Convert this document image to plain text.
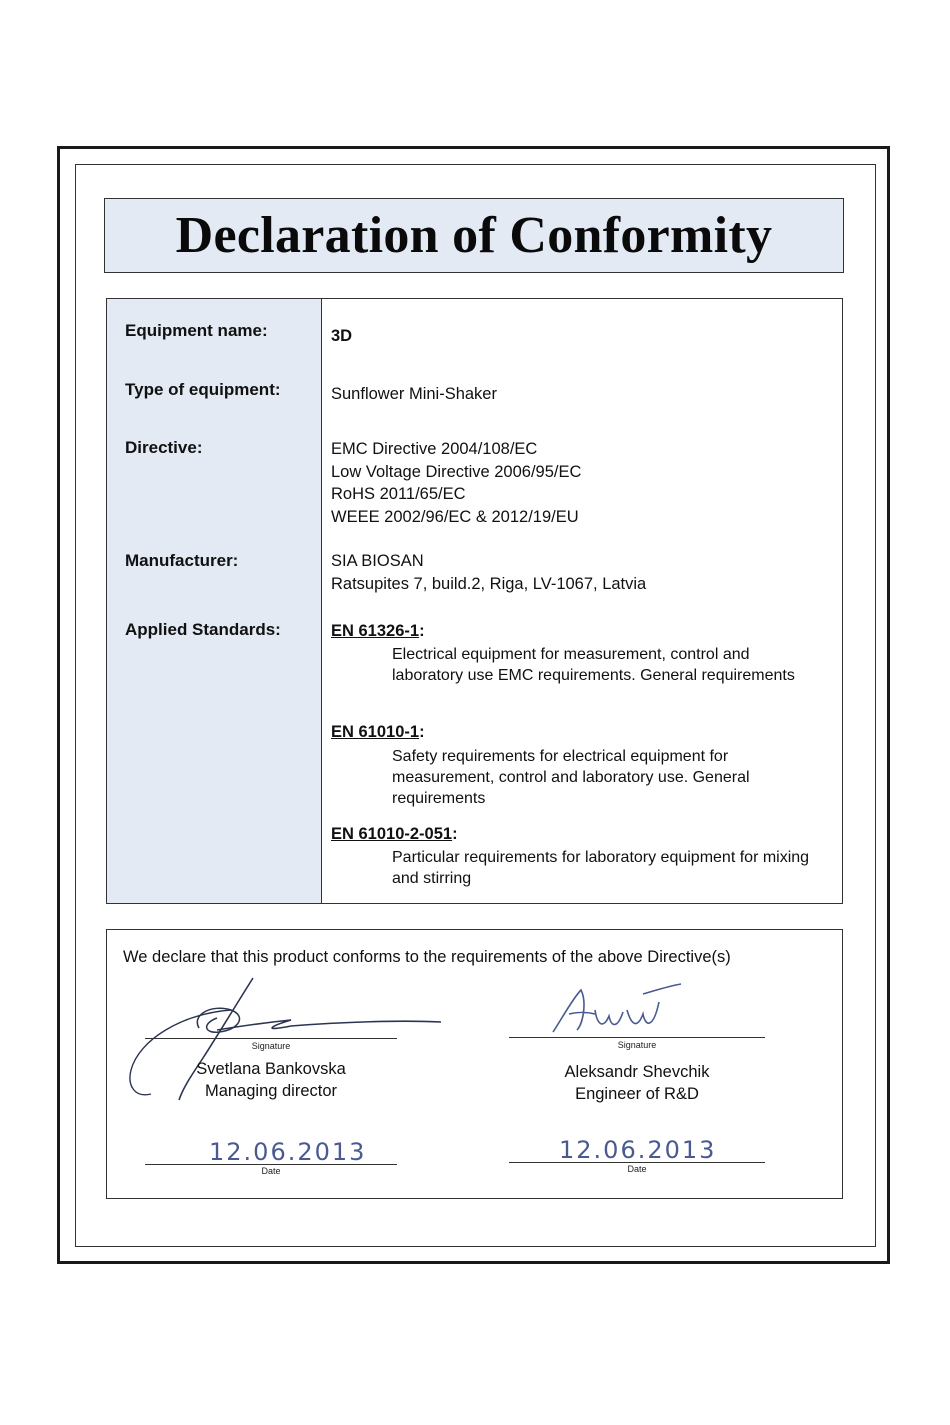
Declaration of Conformity
Equipment name:	3D
Type of equipment:	Sunflower Mini-Shaker
Directive:	EMC Directive 2004/108/EC
Low Voltage Directive 2006/95/EC
RoHS 2011/65/EC
WEEE 2002/96/EC & 2012/19/EU
Manufacturer:	SIA BIOSAN
Ratsupites 7, build.2, Riga, LV-1067, Latvia
Applied Standards:	EN 61326-1:
Electrical equipment for measurement, control and laboratory use EMC requirements. General requirements
EN 61010-1:
Safety requirements for electrical equipment for measurement, control and laboratory use. General requirements
EN 61010-2-051:
Particular requirements for laboratory equipment for mixing and stirring
We declare that this product conforms to the requirements of the above Directive(s)
Signature
Svetlana Bankovska
Managing director
12.06.2013
Date
Signature
Aleksandr Shevchik
Engineer of R&D
12.06.2013
Date
